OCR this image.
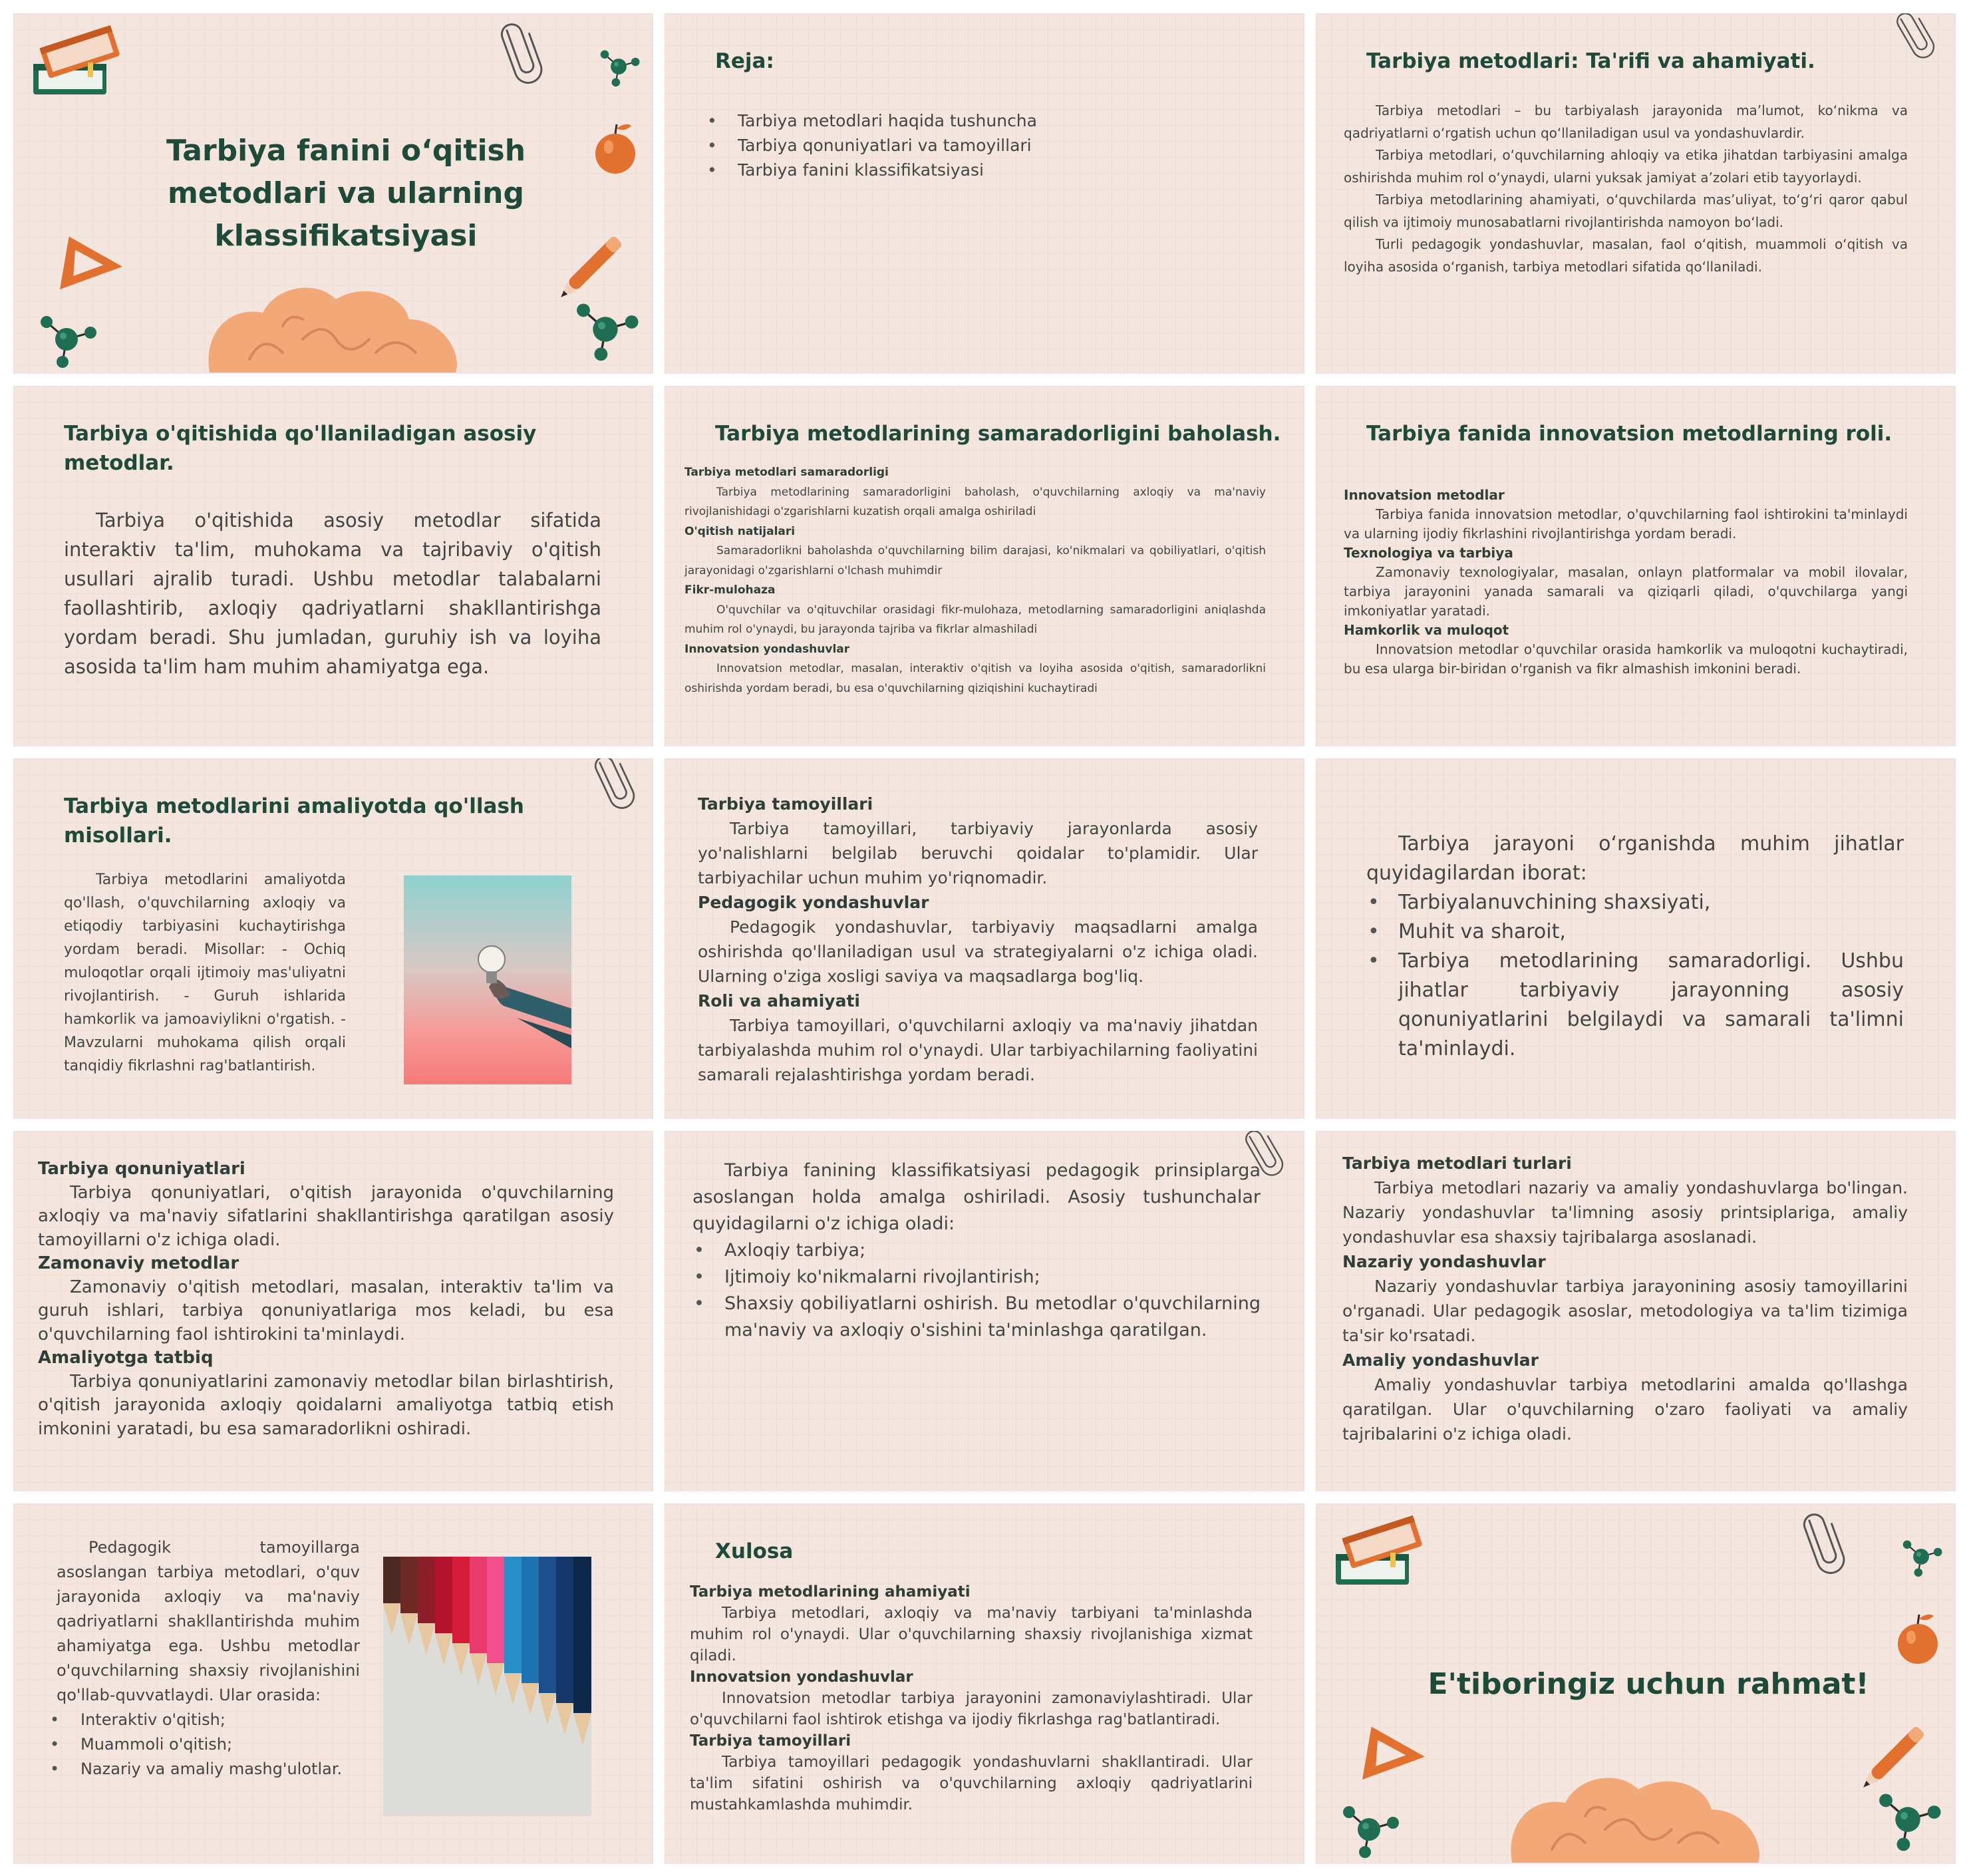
Tarbiya fanini o‘qitish metodlari va ularning klassifikatsiyasi
Reja:
• Tarbiya metodlari haqida tushuncha
• Tarbiya qonuniyatlari va tamoyillari
• Tarbiya fanini klassifikatsiyasi
Tarbiya metodlari: Ta'rifi va ahamiyati.

Tarbiya metodlari – bu tarbiyalash jarayonida ma’lumot, ko‘nikma va qadriyatlarni o‘rgatish uchun qo‘llaniladigan usul va yondashuvlardir.

Tarbiya metodlari, o‘quvchilarning ahloqiy va etika jihatdan tarbiyasini amalga oshirishda muhim rol o‘ynaydi, ularni yuksak jamiyat a’zolari etib tayyorlaydi.

Tarbiya metodlarining ahamiyati, o‘quvchilarda mas’uliyat, to‘g‘ri qaror qabul qilish va ijtimoiy munosabatlarni rivojlantirishda namoyon bo‘ladi.

Turli pedagogik yondashuvlar, masalan, faol o‘qitish, muammoli o‘qitish va loyiha asosida o‘rganish, tarbiya metodlari sifatida qo‘llaniladi.

Tarbiya o'qitishida qo'llaniladigan asosiy metodlar.
Tarbiya o'qitishida asosiy metodlar sifatida interaktiv ta'lim, muhokama va tajribaviy o'qitish usullari ajralib turadi. Ushbu metodlar talabalarni faollashtirib, axloqiy qadriyatlarni shakllantirishga yordam beradi. Shu jumladan, guruhiy ish va loyiha asosida ta'lim ham muhim ahamiyatga ega.
Tarbiya metodlarining samaradorligini baholash.

Tarbiya metodlari samaradorligi

Tarbiya metodlarining samaradorligini baholash, o'quvchilarning axloqiy va ma'naviy rivojlanishidagi o'zgarishlarni kuzatish orqali amalga oshiriladi

O'qitish natijalari

Samaradorlikni baholashda o'quvchilarning bilim darajasi, ko'nikmalari va qobiliyatlari, o'qitish jarayonidagi o'zgarishlarni o'lchash muhimdir

Fikr-mulohaza

O'quvchilar va o'qituvchilar orasidagi fikr-mulohaza, metodlarning samaradorligini aniqlashda muhim rol o'ynaydi, bu jarayonda tajriba va fikrlar almashiladi

Innovatsion yondashuvlar

Innovatsion metodlar, masalan, interaktiv o'qitish va loyiha asosida o'qitish, samaradorlikni oshirishda yordam beradi, bu esa o'quvchilarning qiziqishini kuchaytiradi

Tarbiya fanida innovatsion metodlarning roli.

Innovatsion metodlar

Tarbiya fanida innovatsion metodlar, o'quvchilarning faol ishtirokini ta'minlaydi va ularning ijodiy fikrlashini rivojlantirishga yordam beradi.

Texnologiya va tarbiya

Zamonaviy texnologiyalar, masalan, onlayn platformalar va mobil ilovalar, tarbiya jarayonini yanada samarali va qiziqarli qiladi, o'quvchilarga yangi imkoniyatlar yaratadi.

Hamkorlik va muloqot

Innovatsion metodlar o'quvchilar orasida hamkorlik va muloqotni kuchaytiradi, bu esa ularga bir-biridan o'rganish va fikr almashish imkonini beradi.

Tarbiya metodlarini amaliyotda qo'llash misollari.
Tarbiya metodlarini amaliyotda qo'llash, o'quvchilarning axloqiy va etiqodiy tarbiyasini kuchaytirishga yordam beradi. Misollar: - Ochiq muloqotlar orqali ijtimoiy mas'uliyatni rivojlantirish. - Guruh ishlarida hamkorlik va jamoaviylikni o'rgatish. - Mavzularni muhokama qilish orqali tanqidiy fikrlashni rag'batlantirish.

Tarbiya tamoyillari

Tarbiya tamoyillari, tarbiyaviy jarayonlarda asosiy yo'nalishlarni belgilab beruvchi qoidalar to'plamidir. Ular tarbiyachilar uchun muhim yo'riqnomadir.

Pedagogik yondashuvlar

Pedagogik yondashuvlar, tarbiyaviy maqsadlarni amalga oshirishda qo'llaniladigan usul va strategiyalarni o'z ichiga oladi. Ularning o'ziga xosligi saviya va maqsadlarga bog'liq.

Roli va ahamiyati

Tarbiya tamoyillari, o'quvchilarni axloqiy va ma'naviy jihatdan tarbiyalashda muhim rol o'ynaydi. Ular tarbiyachilarning faoliyatini samarali rejalashtirishga yordam beradi.

Tarbiya jarayoni o‘rganishda muhim jihatlar quyidagilardan iborat:

• Tarbiyalanuvchining shaxsiyati,
• Muhit va sharoit,
• Tarbiya metodlarining samaradorligi. Ushbu jihatlar tarbiyaviy jarayonning asosiy qonuniyatlarini belgilaydi va samarali ta'limni ta'minlaydi.

Tarbiya qonuniyatlari

Tarbiya qonuniyatlari, o'qitish jarayonida o'quvchilarning axloqiy va ma'naviy sifatlarini shakllantirishga qaratilgan asosiy tamoyillarni o'z ichiga oladi.

Zamonaviy metodlar

Zamonaviy o'qitish metodlari, masalan, interaktiv ta'lim va guruh ishlari, tarbiya qonuniyatlariga mos keladi, bu esa o'quvchilarning faol ishtirokini ta'minlaydi.

Amaliyotga tatbiq

Tarbiya qonuniyatlarini zamonaviy metodlar bilan birlashtirish, o'qitish jarayonida axloqiy qoidalarni amaliyotga tatbiq etish imkonini yaratadi, bu esa samaradorlikni oshiradi.

Tarbiya fanining klassifikatsiyasi pedagogik prinsiplarga asoslangan holda amalga oshiriladi. Asosiy tushunchalar quyidagilarni o'z ichiga oladi:

• Axloqiy tarbiya;
• Ijtimoiy ko'nikmalarni rivojlantirish;
• Shaxsiy qobiliyatlarni oshirish. Bu metodlar o'quvchilarning ma'naviy va axloqiy o'sishini ta'minlashga qaratilgan.

Tarbiya metodlari turlari

Tarbiya metodlari nazariy va amaliy yondashuvlarga bo'lingan. Nazariy yondashuvlar ta'limning asosiy printsiplariga, amaliy yondashuvlar esa shaxsiy tajribalarga asoslanadi.

Nazariy yondashuvlar

Nazariy yondashuvlar tarbiya jarayonining asosiy tamoyillarini o'rganadi. Ular pedagogik asoslar, metodologiya va ta'lim tizimiga ta'sir ko'rsatadi.

Amaliy yondashuvlar

Amaliy yondashuvlar tarbiya metodlarini amalda qo'llashga qaratilgan. Ular o'quvchilarning o'zaro faoliyati va amaliy tajribalarini o'z ichiga oladi.

Pedagogik tamoyillarga asoslangan tarbiya metodlari, o'quv jarayonida axloqiy va ma'naviy qadriyatlarni shakllantirishda muhim ahamiyatga ega. Ushbu metodlar o'quvchilarning shaxsiy rivojlanishini qo'llab-quvvatlaydi. Ular orasida:

• Interaktiv o'qitish;
• Muammoli o'qitish;
• Nazariy va amaliy mashg'ulotlar.
Xulosa

Tarbiya metodlarining ahamiyati

Tarbiya metodlari, axloqiy va ma'naviy tarbiyani ta'minlashda muhim rol o'ynaydi. Ular o'quvchilarning shaxsiy rivojlanishiga xizmat qiladi.

Innovatsion yondashuvlar

Innovatsion metodlar tarbiya jarayonini zamonaviylashtiradi. Ular o'quvchilarni faol ishtirok etishga va ijodiy fikrlashga rag'batlantiradi.

Tarbiya tamoyillari

Tarbiya tamoyillari pedagogik yondashuvlarni shakllantiradi. Ular ta'lim sifatini oshirish va o'quvchilarning axloqiy qadriyatlarini mustahkamlashda muhimdir.

E'tiboringiz uchun rahmat!
